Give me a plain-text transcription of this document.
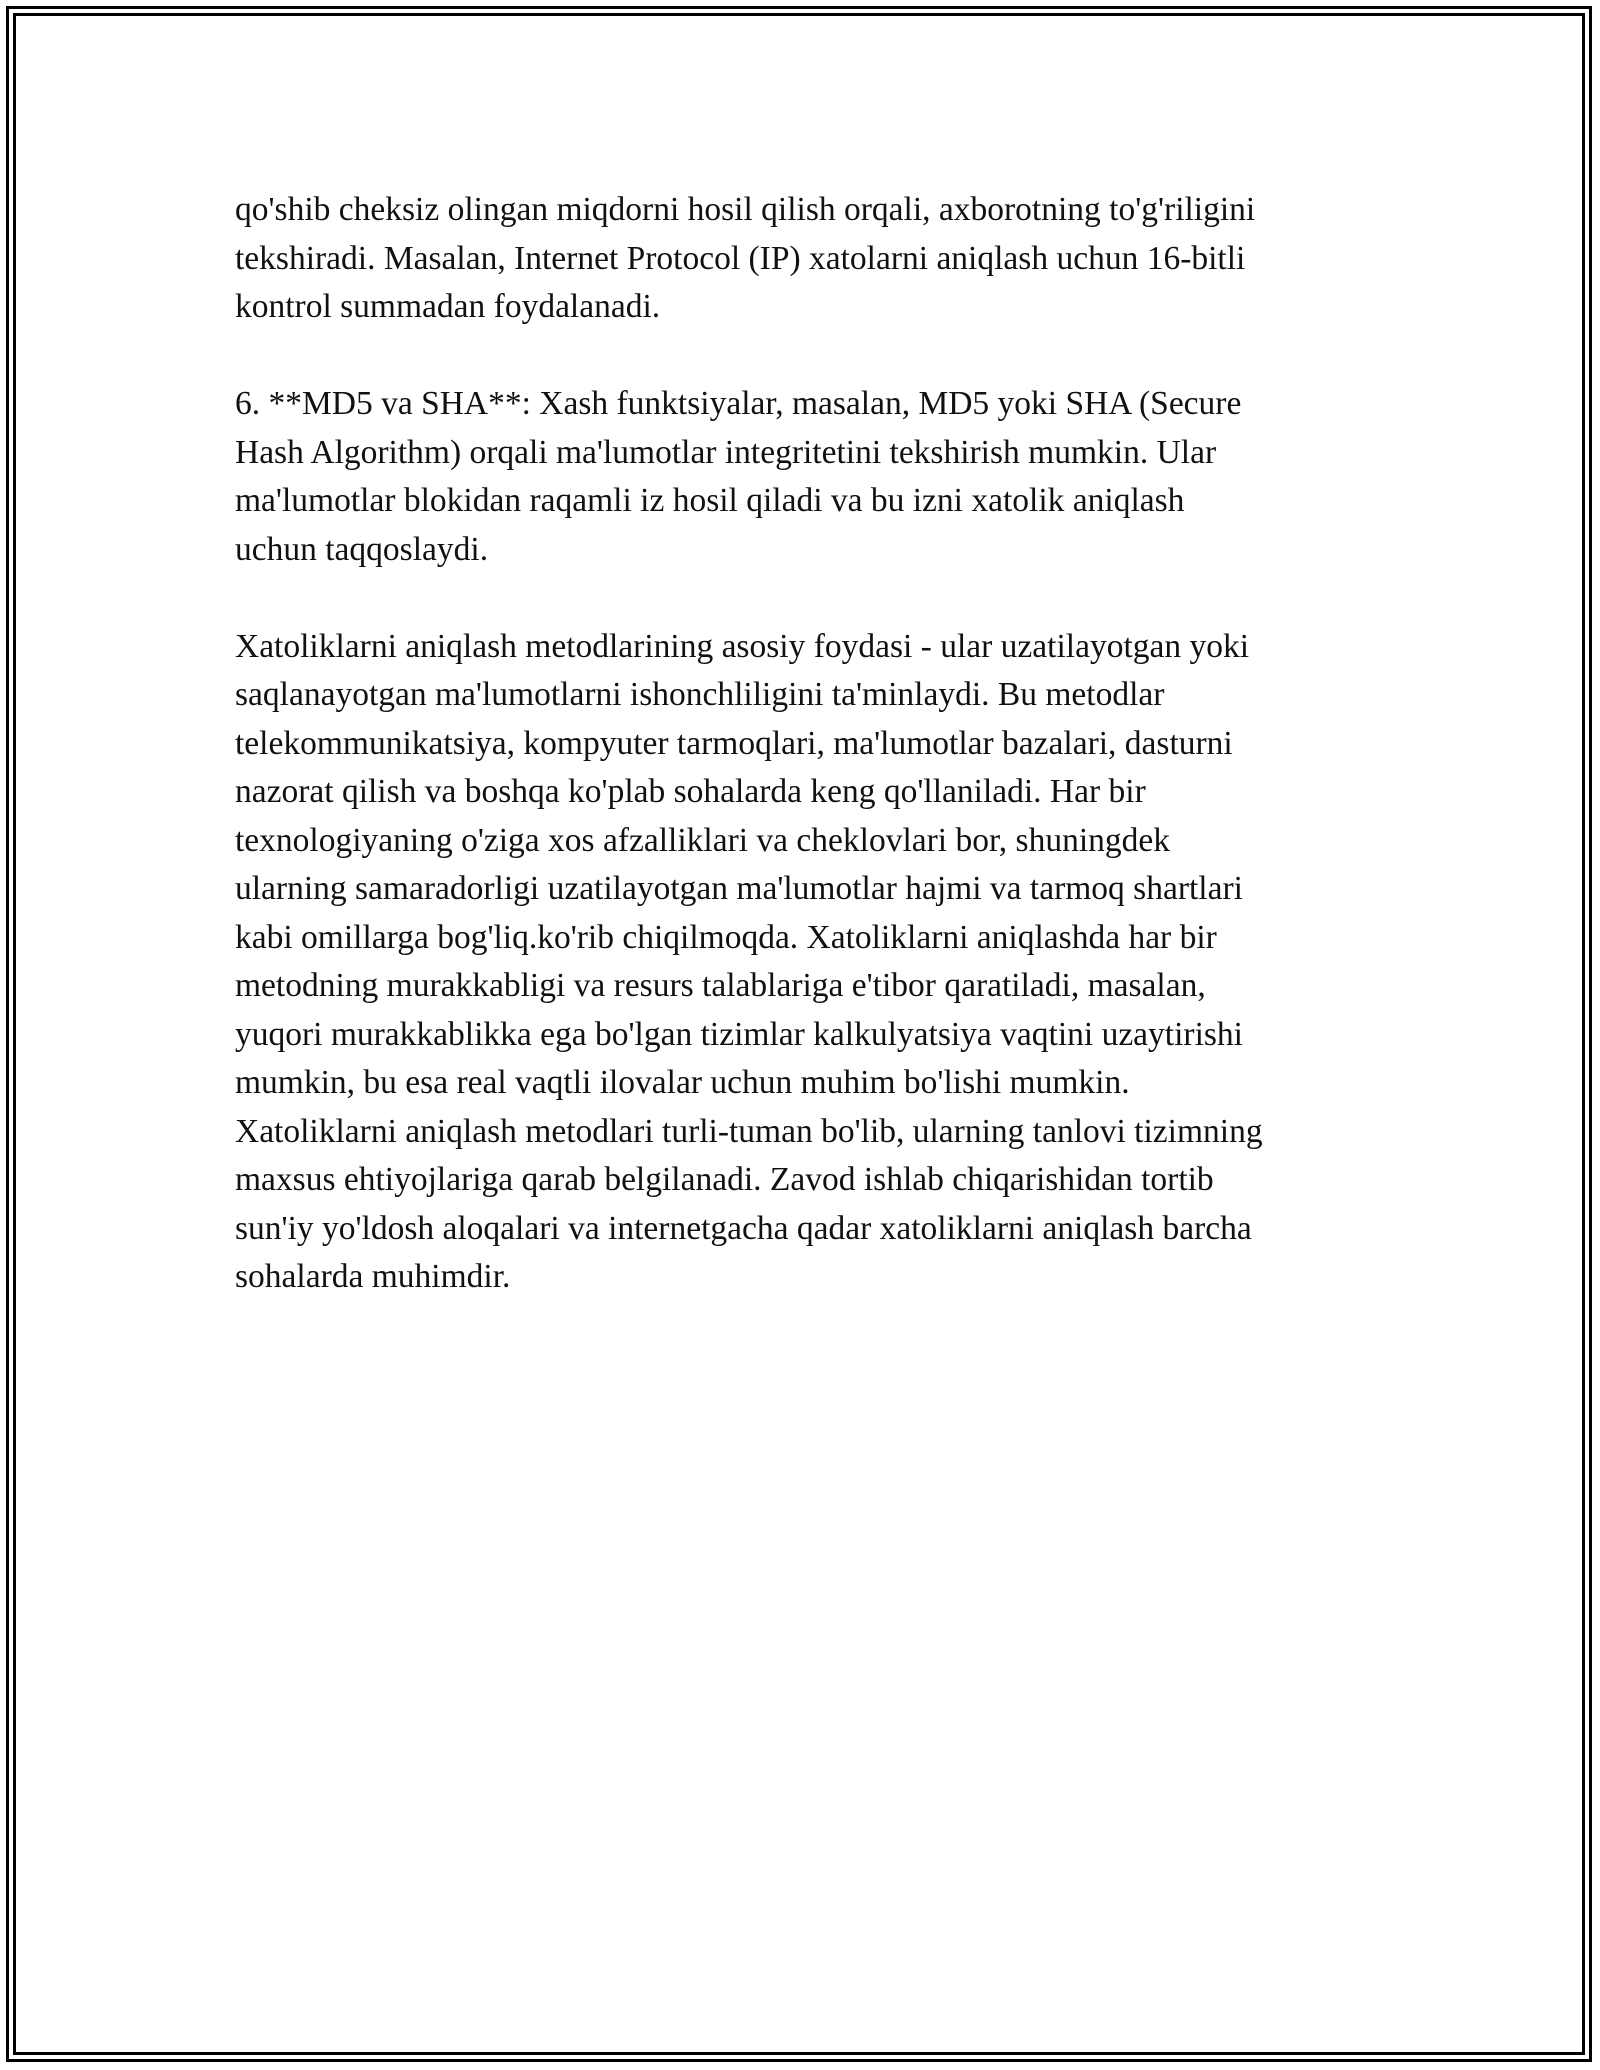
qo'shib cheksiz olingan miqdorni hosil qilish orqali, axborotning to'g'riligini
tekshiradi. Masalan, Internet Protocol (IP) xatolarni aniqlash uchun 16-bitli
kontrol summadan foydalanadi.

6. **MD5 va SHA**: Xash funktsiyalar, masalan, MD5 yoki SHA (Secure
Hash Algorithm) orqali ma'lumotlar integritetini tekshirish mumkin. Ular
ma'lumotlar blokidan raqamli iz hosil qiladi va bu izni xatolik aniqlash
uchun taqqoslaydi.

Xatoliklarni aniqlash metodlarining asosiy foydasi - ular uzatilayotgan yoki
saqlanayotgan ma'lumotlarni ishonchliligini ta'minlaydi. Bu metodlar
telekommunikatsiya, kompyuter tarmoqlari, ma'lumotlar bazalari, dasturni
nazorat qilish va boshqa ko'plab sohalarda keng qo'llaniladi. Har bir
texnologiyaning o'ziga xos afzalliklari va cheklovlari bor, shuningdek
ularning samaradorligi uzatilayotgan ma'lumotlar hajmi va tarmoq shartlari
kabi omillarga bog'liq.ko'rib chiqilmoqda. Xatoliklarni aniqlashda har bir
metodning murakkabligi va resurs talablariga e'tibor qaratiladi, masalan,
yuqori murakkablikka ega bo'lgan tizimlar kalkulyatsiya vaqtini uzaytirishi
mumkin, bu esa real vaqtli ilovalar uchun muhim bo'lishi mumkin.
Xatoliklarni aniqlash metodlari turli-tuman bo'lib, ularning tanlovi tizimning
maxsus ehtiyojlariga qarab belgilanadi. Zavod ishlab chiqarishidan tortib
sun'iy yo'ldosh aloqalari va internetgacha qadar xatoliklarni aniqlash barcha
sohalarda muhimdir.
